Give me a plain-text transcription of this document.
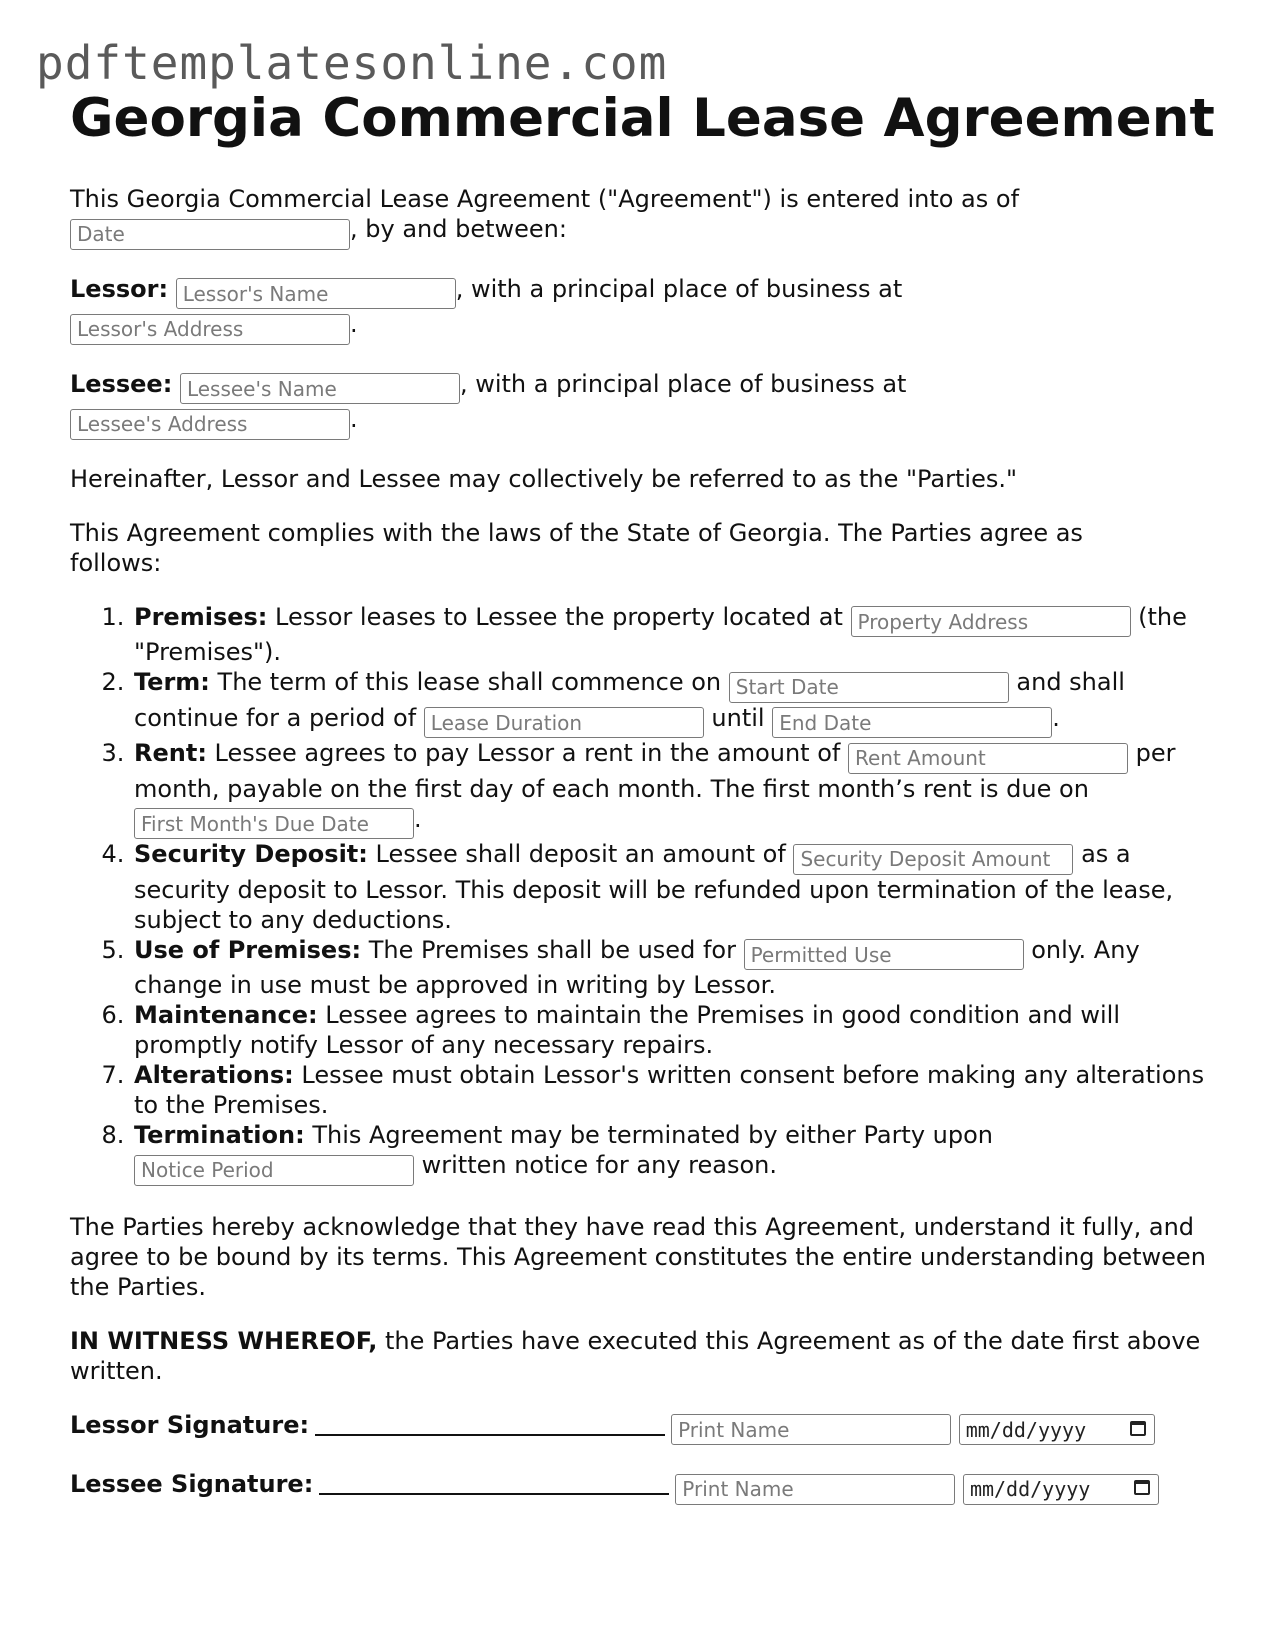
pdftemplatesonline.com
Georgia Commercial Lease Agreement

This Georgia Commercial Lease Agreement ("Agreement") is entered into as of
Date, by and between:

Lessor: Lessor's Name	, with a principal place of business at
Lessor's Address.

Lessee: Lessee's Name	, with a principal place of business at
Lessee's Address.

Hereinafter, Lessor and Lessee may collectively be referred to as the "Parties."

This Agreement complies with the laws of the State of Georgia. The Parties agree as follows:

1. Premises: Lessor leases to Lessee the property located at Property Address	(the "Premises").
2. Term: The term of this lease shall commence on Start Date	and shall continue for a period of Lease Duration	until End Date	.
3. Rent: Lessee agrees to pay Lessor a rent in the amount of Rent Amount	per month, payable on the first day of each month. The first month’s rent is due on First Month's Due Date.
4. Security Deposit: Lessee shall deposit an amount of Security Deposit Amount	as a security deposit to Lessor. This deposit will be refunded upon termination of the lease, subject to any deductions.
5. Use of Premises: The Premises shall be used for Permitted Use	only. Any change in use must be approved in writing by Lessor.
6. Maintenance: Lessee agrees to maintain the Premises in good condition and will promptly notify Lessor of any necessary repairs.
7. Alterations: Lessee must obtain Lessor's written consent before making any alterations to the Premises.
8. Termination: This Agreement may be terminated by either Party upon Notice Period written notice for any reason.

The Parties hereby acknowledge that they have read this Agreement, understand it fully, and agree to be bound by its terms. This Agreement constitutes the entire understanding between the Parties.

IN WITNESS WHEREOF, the Parties have executed this Agreement as of the date first above written.

Lessor Signature:Print Name mm/dd/yyyy
Lessee Signature:Print Name mm/dd/yyyy
